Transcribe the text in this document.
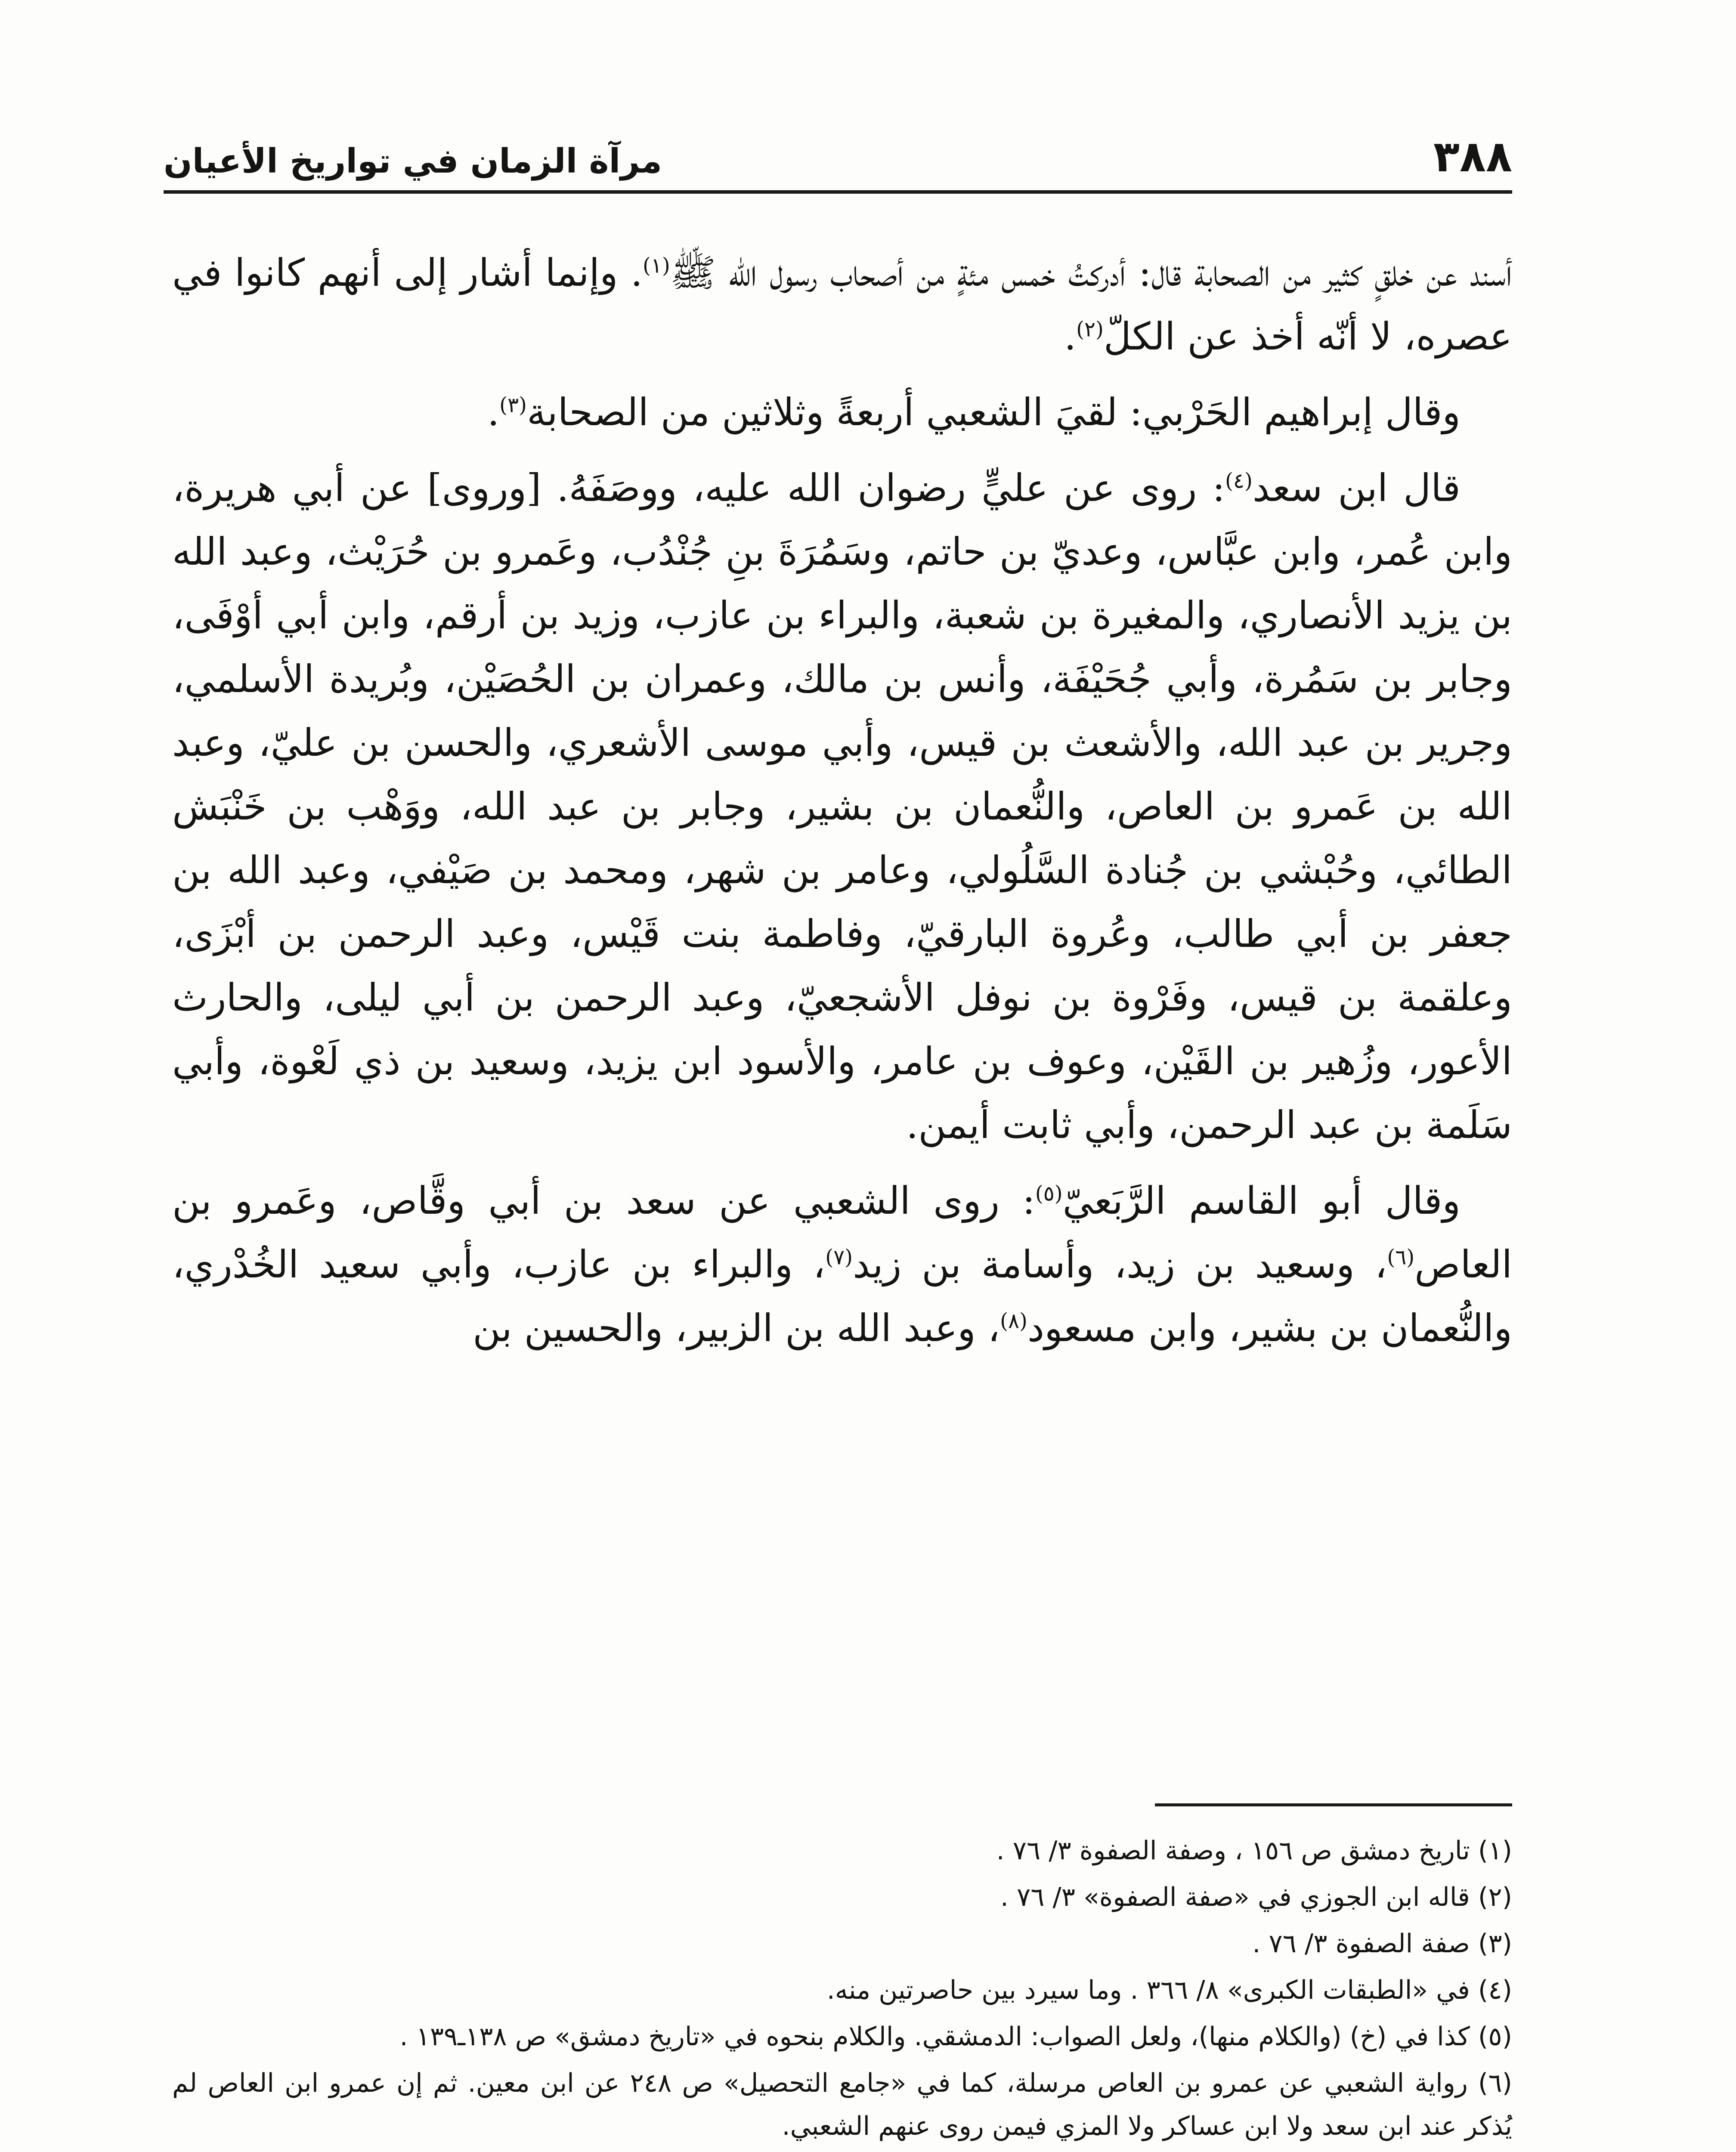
٣٨٨
مرآة الزمان في تواريخ الأعيان

أسند عن خلقٍ كثير من الصحابة قال: أدركتُ خمس مئةٍ من أصحاب رسول الله ﷺ$^{(١)}$. وإنما أشار إلى أنهم كانوا في عصره، لا أنّه أخذ عن الكلّ$^{(٢)}$.

وقال إبراهيم الحَرْبي: لقيَ الشعبي أربعةً وثلاثين من الصحابة$^{(٣)}$.

قال ابن سعد$^{(٤)}$: روى عن عليٍّ رضوان الله عليه، ووصَفَهُ. [وروى] عن أبي هريرة، وابن عُمر، وابن عبَّاس، وعديّ بن حاتم، وسَمُرَةَ بنِ جُنْدُب، وعَمرو بن حُرَيْث، وعبد الله بن يزيد الأنصاري، والمغيرة بن شعبة، والبراء بن عازب، وزيد بن أرقم، وابن أبي أوْفَى، وجابر بن سَمُرة، وأبي جُحَيْفَة، وأنس بن مالك، وعمران بن الحُصَيْن، وبُريدة الأسلمي، وجرير بن عبد الله، والأشعث بن قيس، وأبي موسى الأشعري، والحسن بن عليّ، وعبد الله بن عَمرو بن العاص، والنُّعمان بن بشير، وجابر بن عبد الله، ووَهْب بن خَنْبَش الطائي، وحُبْشي بن جُنادة السَّلُولي، وعامر بن شهر، ومحمد بن صَيْفي، وعبد الله بن جعفر بن أبي طالب، وعُروة البارقيّ، وفاطمة بنت قَيْس، وعبد الرحمن بن أبْزَى، وعلقمة بن قيس، وفَرْوة بن نوفل الأشجعيّ، وعبد الرحمن بن أبي ليلى، والحارث الأعور، وزُهير بن القَيْن، وعوف بن عامر، والأسود ابن يزيد، وسعيد بن ذي لَعْوة، وأبي سَلَمة بن عبد الرحمن، وأبي ثابت أيمن.

وقال أبو القاسم الرَّبَعيّ$^{(٥)}$: روى الشعبي عن سعد بن أبي وقَّاص، وعَمرو بن العاص$^{(٦)}$، وسعيد بن زيد، وأسامة بن زيد$^{(٧)}$، والبراء بن عازب، وأبي سعيد الخُدْري، والنُّعمان بن بشير، وابن مسعود$^{(٨)}$، وعبد الله بن الزبير، والحسين بن

(١) تاريخ دمشق ص ١٥٦ ، وصفة الصفوة ٣/ ٧٦ .
(٢) قاله ابن الجوزي في «صفة الصفوة» ٣/ ٧٦ .
(٣) صفة الصفوة ٣/ ٧٦ .
(٤) في «الطبقات الكبرى» ٨/ ٣٦٦ . وما سيرد بين حاصرتين منه.
(٥) كذا في (خ) (والكلام منها)، ولعل الصواب: الدمشقي. والكلام بنحوه في «تاريخ دمشق» ص ١٣٨ـ١٣٩ .
(٦) رواية الشعبي عن عمرو بن العاص مرسلة، كما في «جامع التحصيل» ص ٢٤٨ عن ابن معين. ثم إن عمرو ابن العاص لم يُذكر عند ابن سعد ولا ابن عساكر ولا المزي فيمن روى عنهم الشعبي.
